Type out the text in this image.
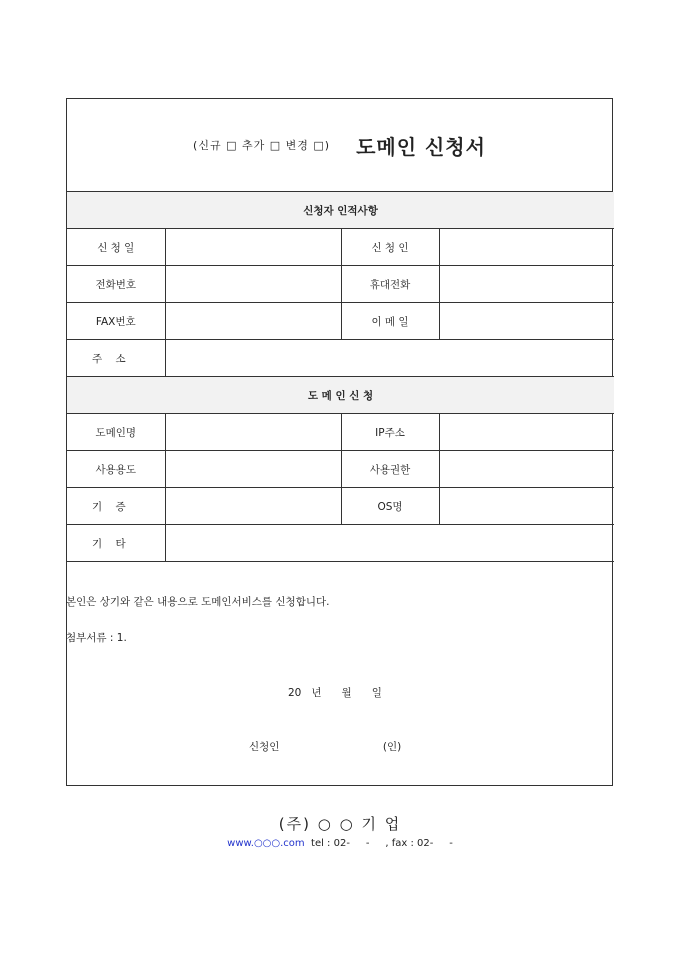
(신규 □ 추가 □ 변경 □) 도메인 신청서
신청자 인적사항			
신 청 일		신 청 인	
전화번호		휴대전화	
FAX번호		이 메 일	
주    소			
도 메 인 신 청			
도메인명		IP주소	
사용용도		사용권한	
기    증		OS명	
기    타			
본인은 상기와 같은 내용으로 도메인서비스를 신청합니다.
첨부서류 : 1.
20   년      월      일
신청인                               (인)
(주) ○ ○ 기 업
www.○○○.com  tel : 02-     -     , fax : 02-     -
